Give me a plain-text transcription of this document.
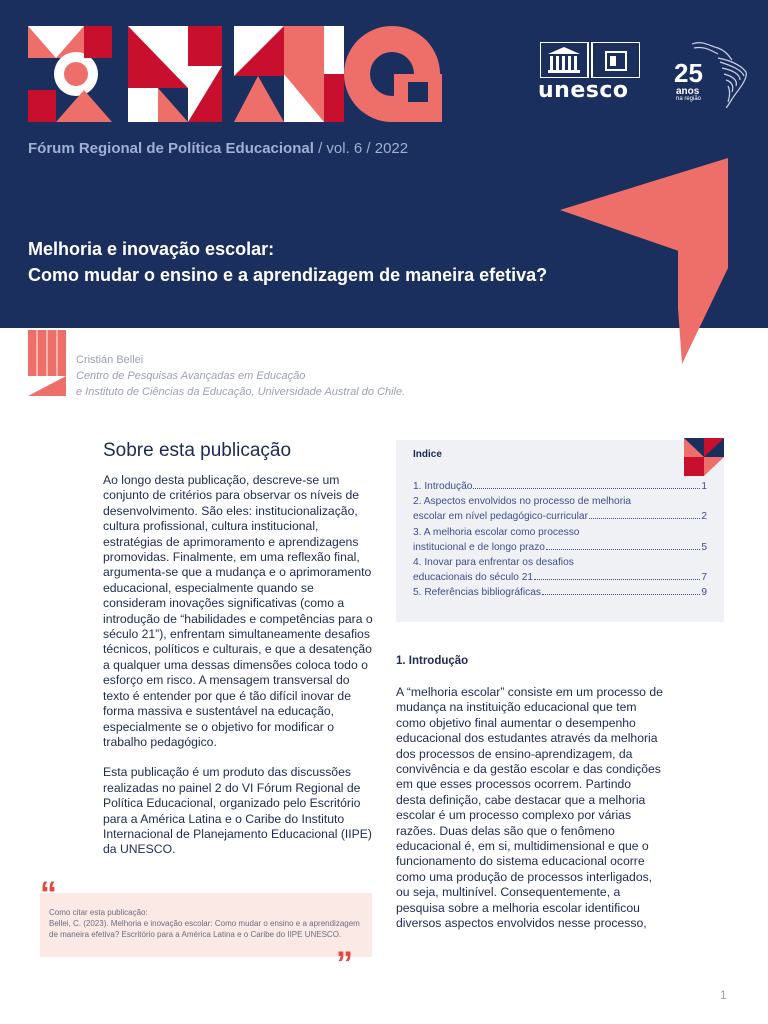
unesco
25
anos
na região
Fórum Regional de Política Educacional / vol. 6 / 2022
Melhoria e inovação escolar:
Como mudar o ensino e a aprendizagem de maneira efetiva?
Cristián Bellei
Centro de Pesquisas Avançadas em Educação
e Instituto de Ciências da Educação, Universidade Austral do Chile.
Sobre esta publicação

Ao longo desta publicação, descreve-se um conjunto de critérios para observar os níveis de desenvolvimento. São eles: institucionalização, cultura profissional, cultura institucional, estratégias de aprimoramento e aprendizagens promovidas. Finalmente, em uma reflexão final, argumenta-se que a mudança e o aprimoramento educacional, especialmente quando se consideram inovações significativas (como a introdução de “habilidades e competências para o século 21”), enfrentam simultaneamente desafios técnicos, políticos e culturais, e que a desatenção a qualquer uma dessas dimensões coloca todo o esforço em risco. A mensagem transversal do texto é entender por que é tão difícil inovar de forma massiva e sustentável na educação, especialmente se o objetivo for modificar o trabalho pedagógico.

Esta publicação é um produto das discussões realizadas no painel 2 do VI Fórum Regional de Política Educacional, organizado pelo Escritório para a América Latina e o Caribe do Instituto Internacional de Planejamento Educacional (IIPE) da UNESCO.

Como citar esta publicação:
Bellei, C. (2023). Melhoria e inovação escolar: Como mudar o ensino e a aprendizagem de maneira efetiva? Escritório para a América Latina e o Caribe do IIPE UNESCO.
”
Indice
1. Introdução	1
2. Aspectos envolvidos no processo de melhoria
escolar em nível pedagógico-curricular	2
3. A melhoria escolar como processo
institucional e de longo prazo	5
4. Inovar para enfrentar os desafios
educacionais do século 21	7
5. Referências bibliográficas	9
1. Introdução
A “melhoria escolar” consiste em um processo de mudança na instituição educacional que tem como objetivo final aumentar o desempenho educacional dos estudantes através da melhoria dos processos de ensino-aprendizagem, da convivência e da gestão escolar e das condições em que esses processos ocorrem. Partindo desta definição, cabe destacar que a melhoria escolar é um processo complexo por várias razões. Duas delas são que o fenômeno educacional é, em si, multidimensional e que o funcionamento do sistema educacional ocorre como uma produção de processos interligados, ou seja, multinível. Consequentemente, a pesquisa sobre a melhoria escolar identificou diversos aspectos envolvidos nesse processo,
1
